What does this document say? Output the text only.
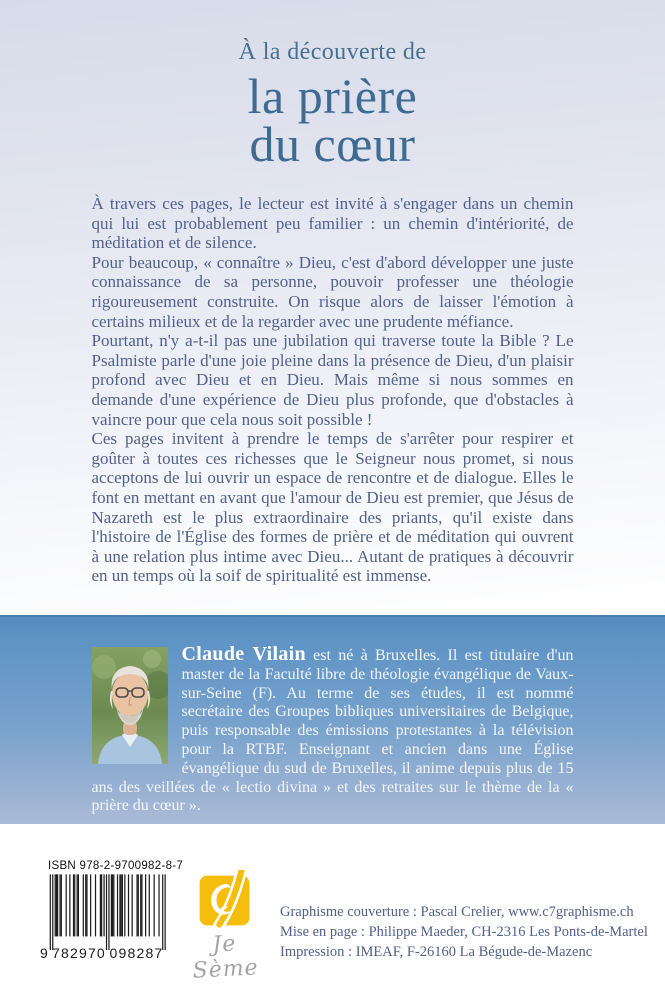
À la découverte de
la prière
du cœur

À travers ces pages, le lecteur est invité à s'engager dans un chemin qui lui est probablement peu familier : un chemin d'intériorité, de méditation et de silence.

Pour beaucoup, « connaître » Dieu, c'est d'abord développer une juste connaissance de sa personne, pouvoir professer une théologie rigoureusement construite. On risque alors de laisser l'émotion à certains milieux et de la regarder avec une prudente méfiance.

Pourtant, n'y a-t-il pas une jubilation qui traverse toute la Bible ? Le Psalmiste parle d'une joie pleine dans la présence de Dieu, d'un plaisir profond avec Dieu et en Dieu. Mais même si nous sommes en demande d'une expérience de Dieu plus profonde, que d'obstacles à vaincre pour que cela nous soit possible !

Ces pages invitent à prendre le temps de s'arrêter pour respirer et goûter à toutes ces richesses que le Seigneur nous promet, si nous acceptons de lui ouvrir un espace de rencontre et de dialogue. Elles le font en mettant en avant que l'amour de Dieu est premier, que Jésus de Nazareth est le plus extraordinaire des priants, qu'il existe dans l'histoire de l'Église des formes de prière et de méditation qui ouvrent à une relation plus intime avec Dieu... Autant de pratiques à découvrir en un temps où la soif de spiritualité est immense.

Claude Vilain est né à Bruxelles. Il est titulaire d'un master de la Faculté libre de théologie évangélique de Vaux-sur-Seine (F). Au terme de ses études, il est nommé secrétaire des Groupes bibliques universitaires de Belgique, puis responsable des émissions protestantes à la télévision pour la RTBF. Enseignant et ancien dans une Église évangélique du sud de Bruxelles, il anime depuis plus de 15 ans des veillées de « lectio divina » et des retraites sur le thème de la « prière du cœur ».
ISBN 978-2-9700982-8-7
9 782970 098287	Je Sème
Graphisme couverture : Pascal Crelier, www.c7graphisme.ch
Mise en page : Philippe Maeder, CH-2316 Les Ponts-de-Martel
Impression : IMEAF, F-26160 La Bégude-de-Mazenc
